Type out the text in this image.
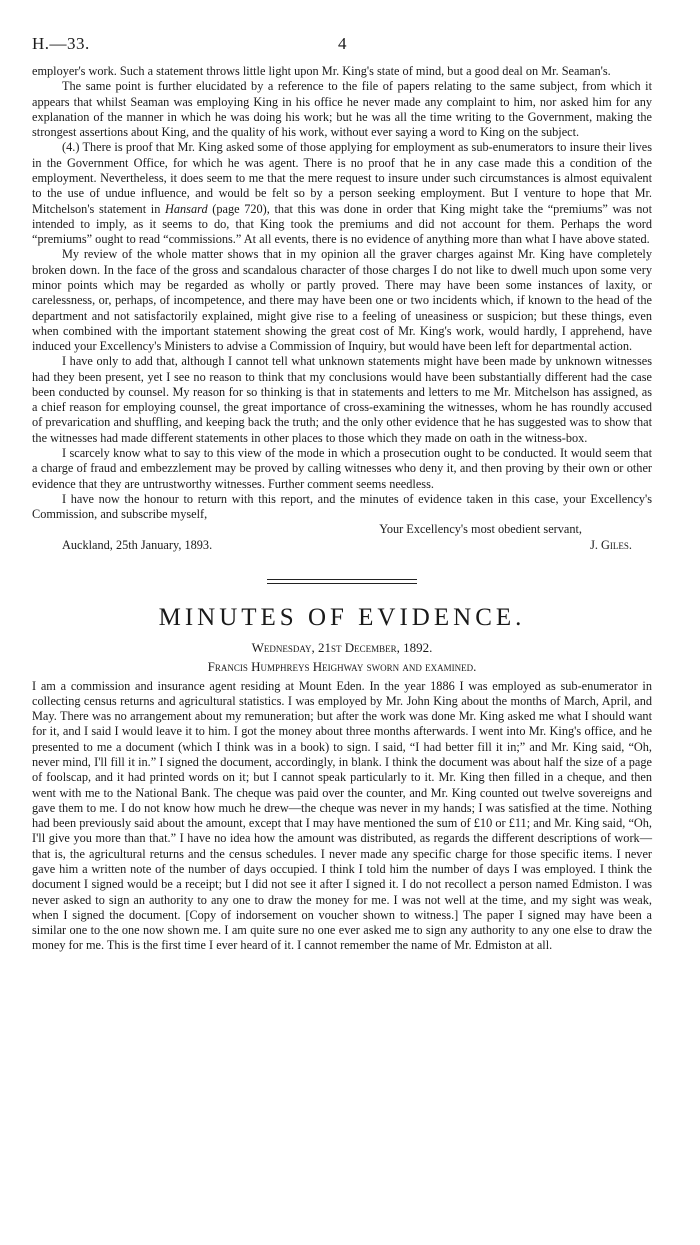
H.—33.	4

employer's work. Such a statement throws little light upon Mr. King's state of mind, but a good deal on Mr. Seaman's.

The same point is further elucidated by a reference to the file of papers relating to the same subject, from which it appears that whilst Seaman was employing King in his office he never made any complaint to him, nor asked him for any explanation of the manner in which he was doing his work; but he was all the time writing to the Government, making the strongest assertions about King, and the quality of his work, without ever saying a word to King on the subject.

(4.) There is proof that Mr. King asked some of those applying for employment as sub-enumerators to insure their lives in the Government Office, for which he was agent. There is no proof that he in any case made this a condition of the employment. Nevertheless, it does seem to me that the mere request to insure under such circumstances is almost equivalent to the use of undue influence, and would be felt so by a person seeking employment. But I venture to hope that Mr. Mitchelson's statement in Hansard (page 720), that this was done in order that King might take the “premiums” was not intended to imply, as it seems to do, that King took the premiums and did not account for them. Perhaps the word “premiums” ought to read “commissions.” At all events, there is no evidence of anything more than what I have above stated.

My review of the whole matter shows that in my opinion all the graver charges against Mr. King have completely broken down. In the face of the gross and scandalous character of those charges I do not like to dwell much upon some very minor points which may be regarded as wholly or partly proved. There may have been some instances of laxity, or carelessness, or, perhaps, of incompetence, and there may have been one or two incidents which, if known to the head of the department and not satisfactorily explained, might give rise to a feeling of uneasiness or suspicion; but these things, even when combined with the important statement showing the great cost of Mr. King's work, would hardly, I apprehend, have induced your Excellency's Ministers to advise a Commission of Inquiry, but would have been left for departmental action.

I have only to add that, although I cannot tell what unknown statements might have been made by unknown witnesses had they been present, yet I see no reason to think that my conclusions would have been substantially different had the case been conducted by counsel. My reason for so thinking is that in statements and letters to me Mr. Mitchelson has assigned, as a chief reason for employing counsel, the great importance of cross-examining the witnesses, whom he has roundly accused of prevarication and shuffling, and keeping back the truth; and the only other evidence that he has suggested was to show that the witnesses had made different statements in other places to those which they made on oath in the witness-box.

I scarcely know what to say to this view of the mode in which a prosecution ought to be conducted. It would seem that a charge of fraud and embezzlement may be proved by calling witnesses who deny it, and then proving by their own or other evidence that they are untrustworthy witnesses. Further comment seems needless.

I have now the honour to return with this report, and the minutes of evidence taken in this case, your Excellency's Commission, and subscribe myself,

Your Excellency's most obedient servant,

Auckland, 25th January, 1893.	J. Giles.
MINUTES OF EVIDENCE.
Wednesday, 21st December, 1892.
Francis Humphreys Heighway sworn and examined.

I am a commission and insurance agent residing at Mount Eden. In the year 1886 I was employed as sub-enumerator in collecting census returns and agricultural statistics. I was employed by Mr. John King about the months of March, April, and May. There was no arrangement about my remuneration; but after the work was done Mr. King asked me what I should want for it, and I said I would leave it to him. I got the money about three months afterwards. I went into Mr. King's office, and he presented to me a document (which I think was in a book) to sign. I said, “I had better fill it in;” and Mr. King said, “Oh, never mind, I'll fill it in.” I signed the document, accordingly, in blank. I think the document was about half the size of a page of foolscap, and it had printed words on it; but I cannot speak particularly to it. Mr. King then filled in a cheque, and then went with me to the National Bank. The cheque was paid over the counter, and Mr. King counted out twelve sovereigns and gave them to me. I do not know how much he drew—the cheque was never in my hands; I was satisfied at the time. Nothing had been previously said about the amount, except that I may have mentioned the sum of £10 or £11; and Mr. King said, “Oh, I'll give you more than that.” I have no idea how the amount was distributed, as regards the different descriptions of work—that is, the agricultural returns and the census schedules. I never made any specific charge for those specific items. I never gave him a written note of the number of days occupied. I think I told him the number of days I was employed. I think the document I signed would be a receipt; but I did not see it after I signed it. I do not recollect a person named Edmiston. I was never asked to sign an authority to any one to draw the money for me. I was not well at the time, and my sight was weak, when I signed the document. [Copy of indorsement on voucher shown to witness.] The paper I signed may have been a similar one to the one now shown me. I am quite sure no one ever asked me to sign any authority to any one else to draw the money for me. This is the first time I ever heard of it. I cannot remember the name of Mr. Edmiston at all.
